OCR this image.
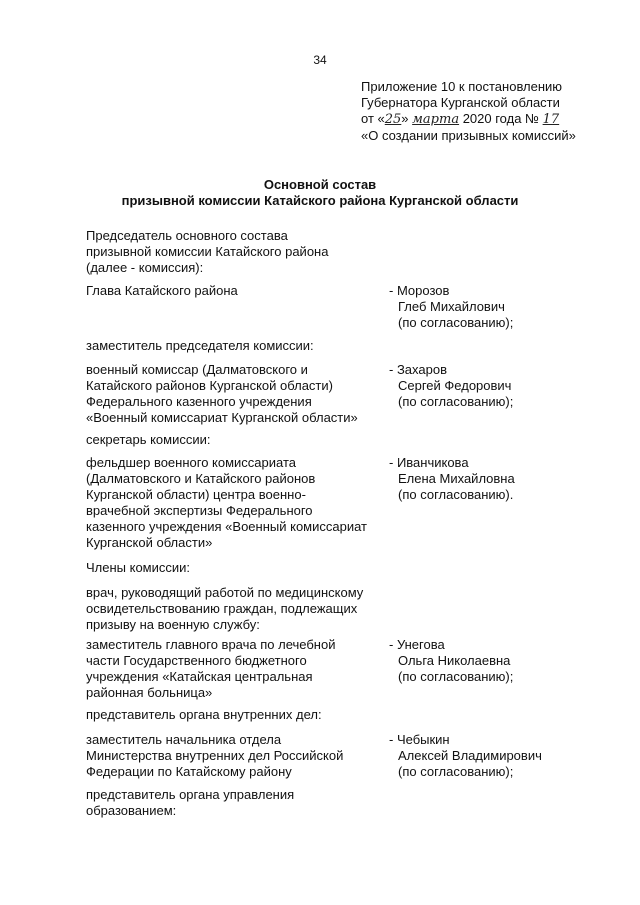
34
Приложение 10 к постановлению
Губернатора Курганской области
от «25» марта 2020 года № 17
«О создании призывных комиссий»
Основной состав
призывной комиссии Катайского района Курганской области
Председатель основного состава
призывной комиссии Катайского района
(далее - комиссия):
Глава Катайского района	- Морозов
Глеб Михайлович
(по согласованию);
заместитель председателя комиссии:
военный комиссар (Далматовского и
Катайского районов Курганской области)
Федерального казенного учреждения
«Военный комиссариат Курганской области»
- Захаров
Сергей Федорович
(по согласованию);
секретарь комиссии:
фельдшер военного комиссариата
(Далматовского и Катайского районов
Курганской области) центра военно-
врачебной экспертизы Федерального
казенного учреждения «Военный комиссариат
Курганской области»
- Иванчикова
Елена Михайловна
(по согласованию).
Члены комиссии:
врач, руководящий работой по медицинскому
освидетельствованию граждан, подлежащих
призыву на военную службу:
заместитель главного врача по лечебной
части Государственного бюджетного
учреждения «Катайская центральная
районная больница»
- Унегова
Ольга Николаевна
(по согласованию);
представитель органа внутренних дел:
заместитель начальника отдела
Министерства внутренних дел Российской
Федерации по Катайскому району
- Чебыкин
Алексей Владимирович
(по согласованию);
представитель органа управления
образованием:
